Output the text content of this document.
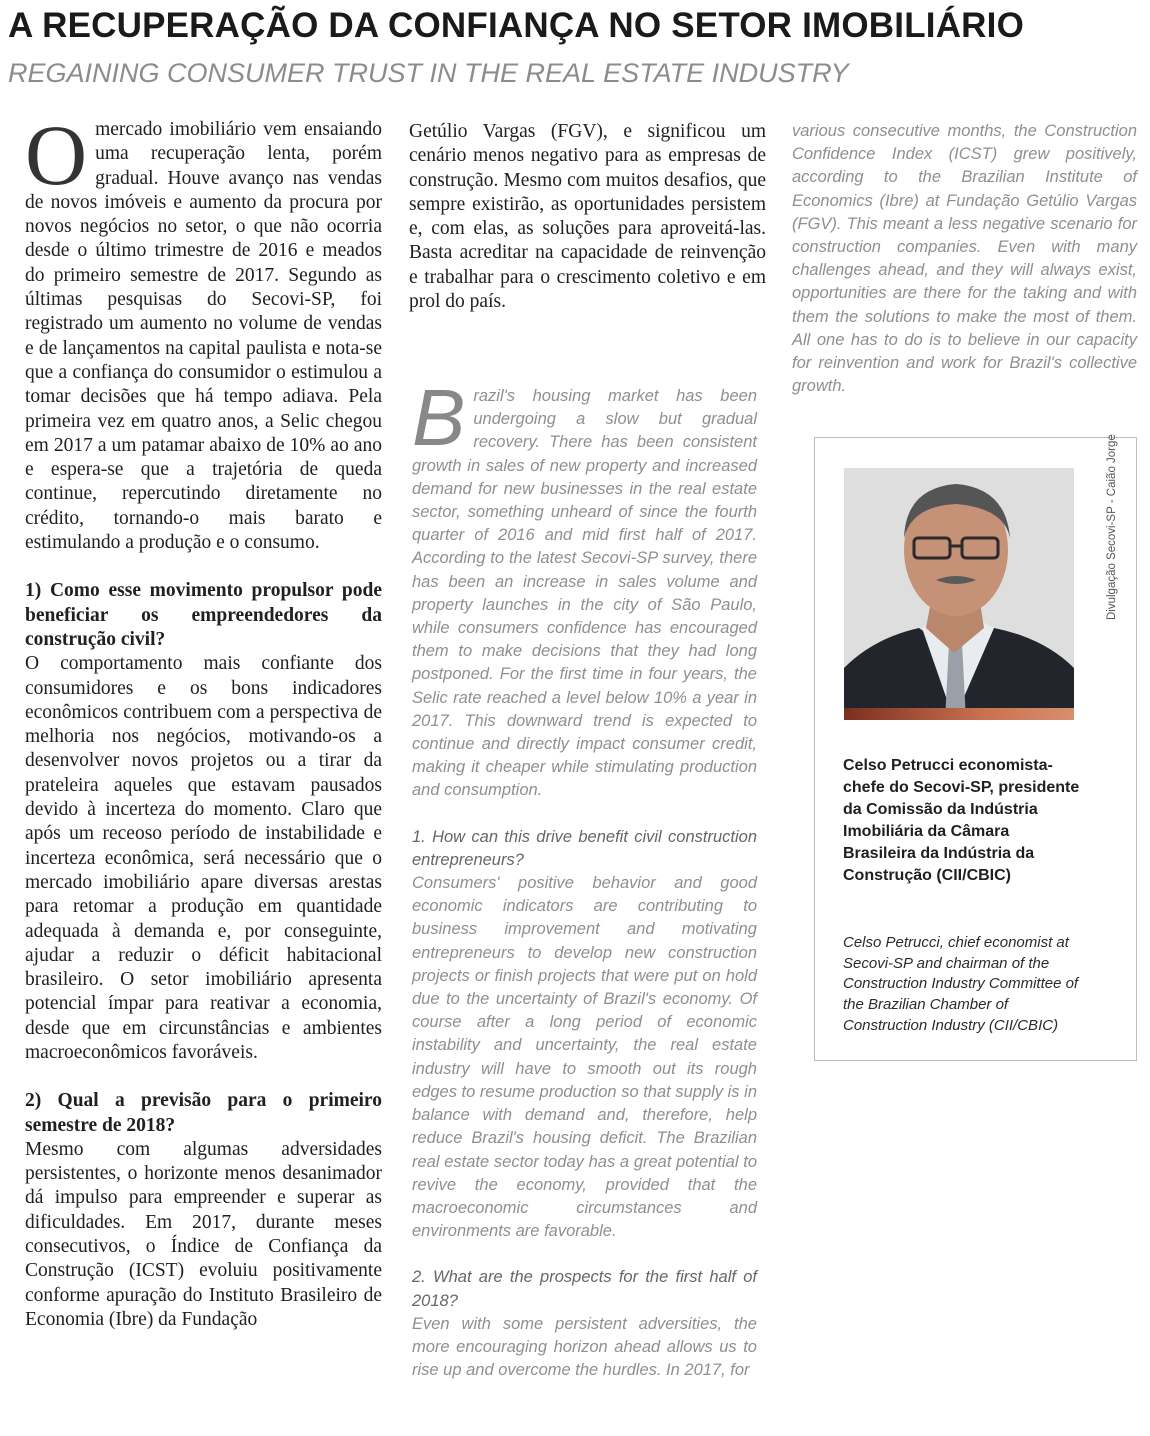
A RECUPERAÇÃO DA CONFIANÇA NO SETOR IMOBILIÁRIO
REGAINING CONSUMER TRUST IN THE REAL ESTATE INDUSTRY

Omercado imobiliário vem ensaiando uma recuperação lenta, porém gradual. Houve avanço nas vendas de novos imóveis e aumento da procura por novos negócios no setor, o que não ocorria desde o último trimestre de 2016 e meados do primeiro semestre de 2017. Segundo as últimas pesquisas do Secovi-SP, foi registrado um aumento no volume de vendas e de lançamentos na capital paulista e nota-se que a confiança do consumidor o estimulou a tomar decisões que há tempo adiava. Pela primeira vez em quatro anos, a Selic chegou em 2017 a um patamar abaixo de 10% ao ano e espera-se que a trajetória de queda continue, repercutindo diretamente no crédito, tornando-o mais barato e estimulando a produção e o consumo.

1) Como esse movimento propulsor pode beneficiar os empreendedores da construção civil?

O comportamento mais confiante dos consumidores e os bons indicadores econômicos contribuem com a perspectiva de melhoria nos negócios, motivando-os a desenvolver novos projetos ou a tirar da prateleira aqueles que estavam pausados devido à incerteza do momento. Claro que após um receoso período de instabilidade e incerteza econômica, será necessário que o mercado imobiliário apare diversas arestas para retomar a produção em quantidade adequada à demanda e, por conseguinte, ajudar a reduzir o déficit habitacional brasileiro. O setor imobiliário apresenta potencial ímpar para reativar a economia, desde que em circunstâncias e ambientes macroeconômicos favoráveis.

2) Qual a previsão para o primeiro semestre de 2018?

Mesmo com algumas adversidades persistentes, o horizonte menos desanimador dá impulso para empreender e superar as dificuldades. Em 2017, durante meses consecutivos, o Índice de Confiança da Construção (ICST) evoluiu positivamente conforme apuração do Instituto Brasileiro de Economia (Ibre) da Fundação

Getúlio Vargas (FGV), e significou um cenário menos negativo para as empresas de construção. Mesmo com muitos desafios, que sempre existirão, as oportunidades persistem e, com elas, as soluções para aproveitá-las. Basta acreditar na capacidade de reinvenção e trabalhar para o crescimento coletivo e em prol do país.

Brazil's housing market has been undergoing a slow but gradual recovery. There has been consistent growth in sales of new property and increased demand for new businesses in the real estate sector, something unheard of since the fourth quarter of 2016 and mid first half of 2017. According to the latest Secovi-SP survey, there has been an increase in sales volume and property launches in the city of São Paulo, while consumers confidence has encouraged them to make decisions that they had long postponed. For the first time in four years, the Selic rate reached a level below 10% a year in 2017. This downward trend is expected to continue and directly impact consumer credit, making it cheaper while stimulating production and consumption.

1. How can this drive benefit civil construction entrepreneurs?

Consumers' positive behavior and good economic indicators are contributing to business improvement and motivating entrepreneurs to develop new construction projects or finish projects that were put on hold due to the uncertainty of Brazil's economy. Of course after a long period of economic instability and uncertainty, the real estate industry will have to smooth out its rough edges to resume production so that supply is in balance with demand and, therefore, help reduce Brazil's housing deficit. The Brazilian real estate sector today has a great potential to revive the economy, provided that the macroeconomic circumstances and environments are favorable.

2. What are the prospects for the first half of 2018?

Even with some persistent adversities, the more encouraging horizon ahead allows us to rise up and overcome the hurdles. In 2017, for

various consecutive months, the Construction Confidence Index (ICST) grew positively, according to the Brazilian Institute of Economics (Ibre) at Fundação Getúlio Vargas (FGV). This meant a less negative scenario for construction companies. Even with many challenges ahead, and they will always exist, opportunities are there for the taking and with them the solutions to make the most of them. All one has to do is to believe in our capacity for reinvention and work for Brazil's collective growth.

Divulgação Secovi-SP - Caião Jorge
Celso Petrucci economista-chefe do Secovi-SP, presidente da Comissão da Indústria Imobiliária da Câmara Brasileira da Indústria da Construção (CII/CBIC)
Celso Petrucci, chief economist at Secovi-SP and chairman of the Construction Industry Committee of the Brazilian Chamber of Construction Industry (CII/CBIC)
